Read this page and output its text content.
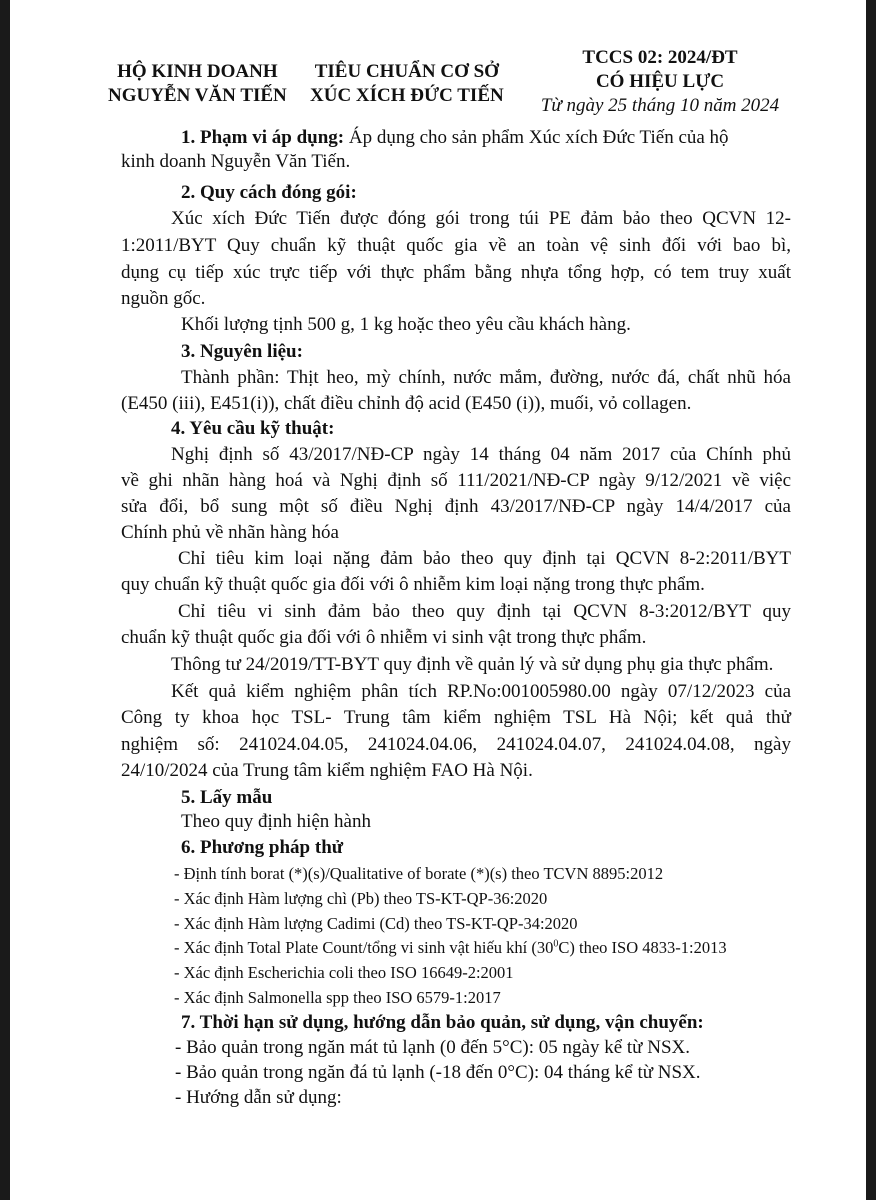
HỘ KINH DOANH
NGUYỄN VĂN TIẾN
TIÊU CHUẨN CƠ SỞ
XÚC XÍCH ĐỨC TIẾN
TCCS 02: 2024/ĐT
CÓ HIỆU LỰC
Từ ngày 25 tháng 10 năm 2024
1. Phạm vi áp dụng: Áp dụng cho sản phẩm Xúc xích Đức Tiến của hộ
kinh doanh Nguyễn Văn Tiến.
2. Quy cách đóng gói:
Xúc xích Đức Tiến được đóng gói trong túi PE đảm bảo theo QCVN 12-
1:2011/BYT Quy chuẩn kỹ thuật quốc gia về an toàn vệ sinh đối với bao bì,
dụng cụ tiếp xúc trực tiếp với thực phẩm bằng nhựa tổng hợp, có tem truy xuất
nguồn gốc.
Khối lượng tịnh 500 g, 1 kg hoặc theo yêu cầu khách hàng.
3. Nguyên liệu:
Thành phần: Thịt heo, mỳ chính, nước mắm, đường, nước đá, chất nhũ hóa
(E450 (iii), E451(i)), chất điều chỉnh độ acid (E450 (i)), muối, vỏ collagen.
4. Yêu cầu kỹ thuật:
Nghị định số 43/2017/NĐ-CP ngày 14 tháng 04 năm 2017 của Chính phủ
về ghi nhãn hàng hoá và Nghị định số 111/2021/NĐ-CP ngày 9/12/2021 về việc
sửa đổi, bổ sung một số điều Nghị định 43/2017/NĐ-CP ngày 14/4/2017 của
Chính phủ về nhãn hàng hóa
Chỉ tiêu kim loại nặng đảm bảo theo quy định tại QCVN 8-2:2011/BYT
quy chuẩn kỹ thuật quốc gia đối với ô nhiễm kim loại nặng trong thực phẩm.
Chỉ tiêu vi sinh đảm bảo theo quy định tại QCVN 8-3:2012/BYT quy
chuẩn kỹ thuật quốc gia đối với ô nhiễm vi sinh vật trong thực phẩm.
Thông tư 24/2019/TT-BYT quy định về quản lý và sử dụng phụ gia thực phẩm.
Kết quả kiểm nghiệm phân tích RP.No:001005980.00 ngày 07/12/2023 của
Công ty khoa học TSL- Trung tâm kiểm nghiệm TSL Hà Nội; kết quả thử
nghiệm số: 241024.04.05, 241024.04.06, 241024.04.07, 241024.04.08, ngày
24/10/2024 của Trung tâm kiểm nghiệm FAO Hà Nội.
5. Lấy mẫu
Theo quy định hiện hành
6. Phương pháp thử
- Định tính borat (*)(s)/Qualitative of borate (*)(s) theo TCVN 8895:2012
- Xác định Hàm lượng chì (Pb) theo TS-KT-QP-36:2020
- Xác định Hàm lượng Cadimi (Cd) theo TS-KT-QP-34:2020
- Xác định Total Plate Count/tổng vi sinh vật hiếu khí $(30^0C)$ theo ISO 4833-1:2013
- Xác định Escherichia coli theo ISO 16649-2:2001
- Xác định Salmonella spp theo ISO 6579-1:2017
7. Thời hạn sử dụng, hướng dẫn bảo quản, sử dụng, vận chuyển:
- Bảo quản trong ngăn mát tủ lạnh (0 đến 5°C): 05 ngày kể từ NSX.
- Bảo quản trong ngăn đá tủ lạnh (-18 đến 0°C): 04 tháng kể từ NSX.
- Hướng dẫn sử dụng:
